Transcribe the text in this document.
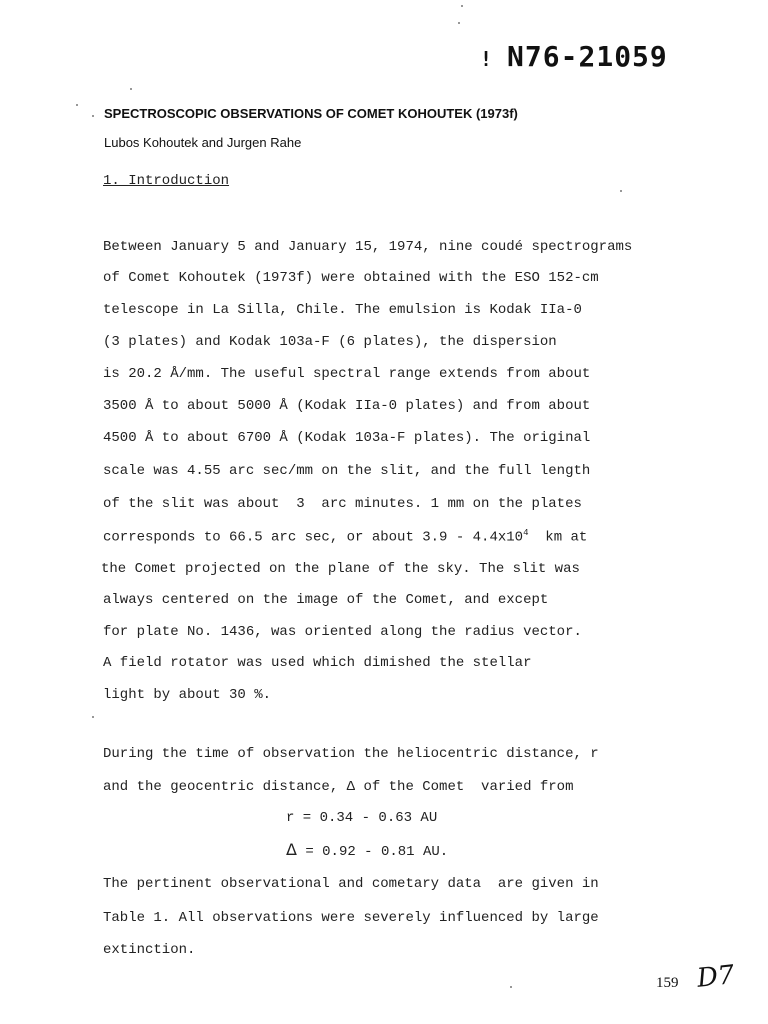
! N76-21059
SPECTROSCOPIC OBSERVATIONS OF COMET KOHOUTEK (1973f)
Lubos Kohoutek and Jurgen Rahe
1. Introduction
Between January 5 and January 15, 1974, nine coudé spectrograms
of Comet Kohoutek (1973f) were obtained with the ESO 152-cm
telescope in La Silla, Chile. The emulsion is Kodak IIa-0
(3 plates) and Kodak 103a-F (6 plates), the dispersion
is 20.2 Å/mm. The useful spectral range extends from about
3500 Å to about 5000 Å (Kodak IIa-0 plates) and from about
4500 Å to about 6700 Å (Kodak 103a-F plates). The original
scale was 4.55 arc sec/mm on the slit, and the full length
of the slit was about  3  arc minutes. 1 mm on the plates
corresponds to 66.5 arc sec, or about $3.9 - 4.4x10^4$  km at
the Comet projected on the plane of the sky. The slit was
always centered on the image of the Comet, and except
for plate No. 1436, was oriented along the radius vector.
A field rotator was used which dimished the stellar
light by about 30 %.
During the time of observation the heliocentric distance, r
and the geocentric distance, Δ of the Comet  varied from
r = 0.34 - 0.63 AU
Δ = 0.92 - 0.81 AU.
The pertinent observational and cometary data  are given in
Table 1. All observations were severely influenced by large
extinction.
159 D7
